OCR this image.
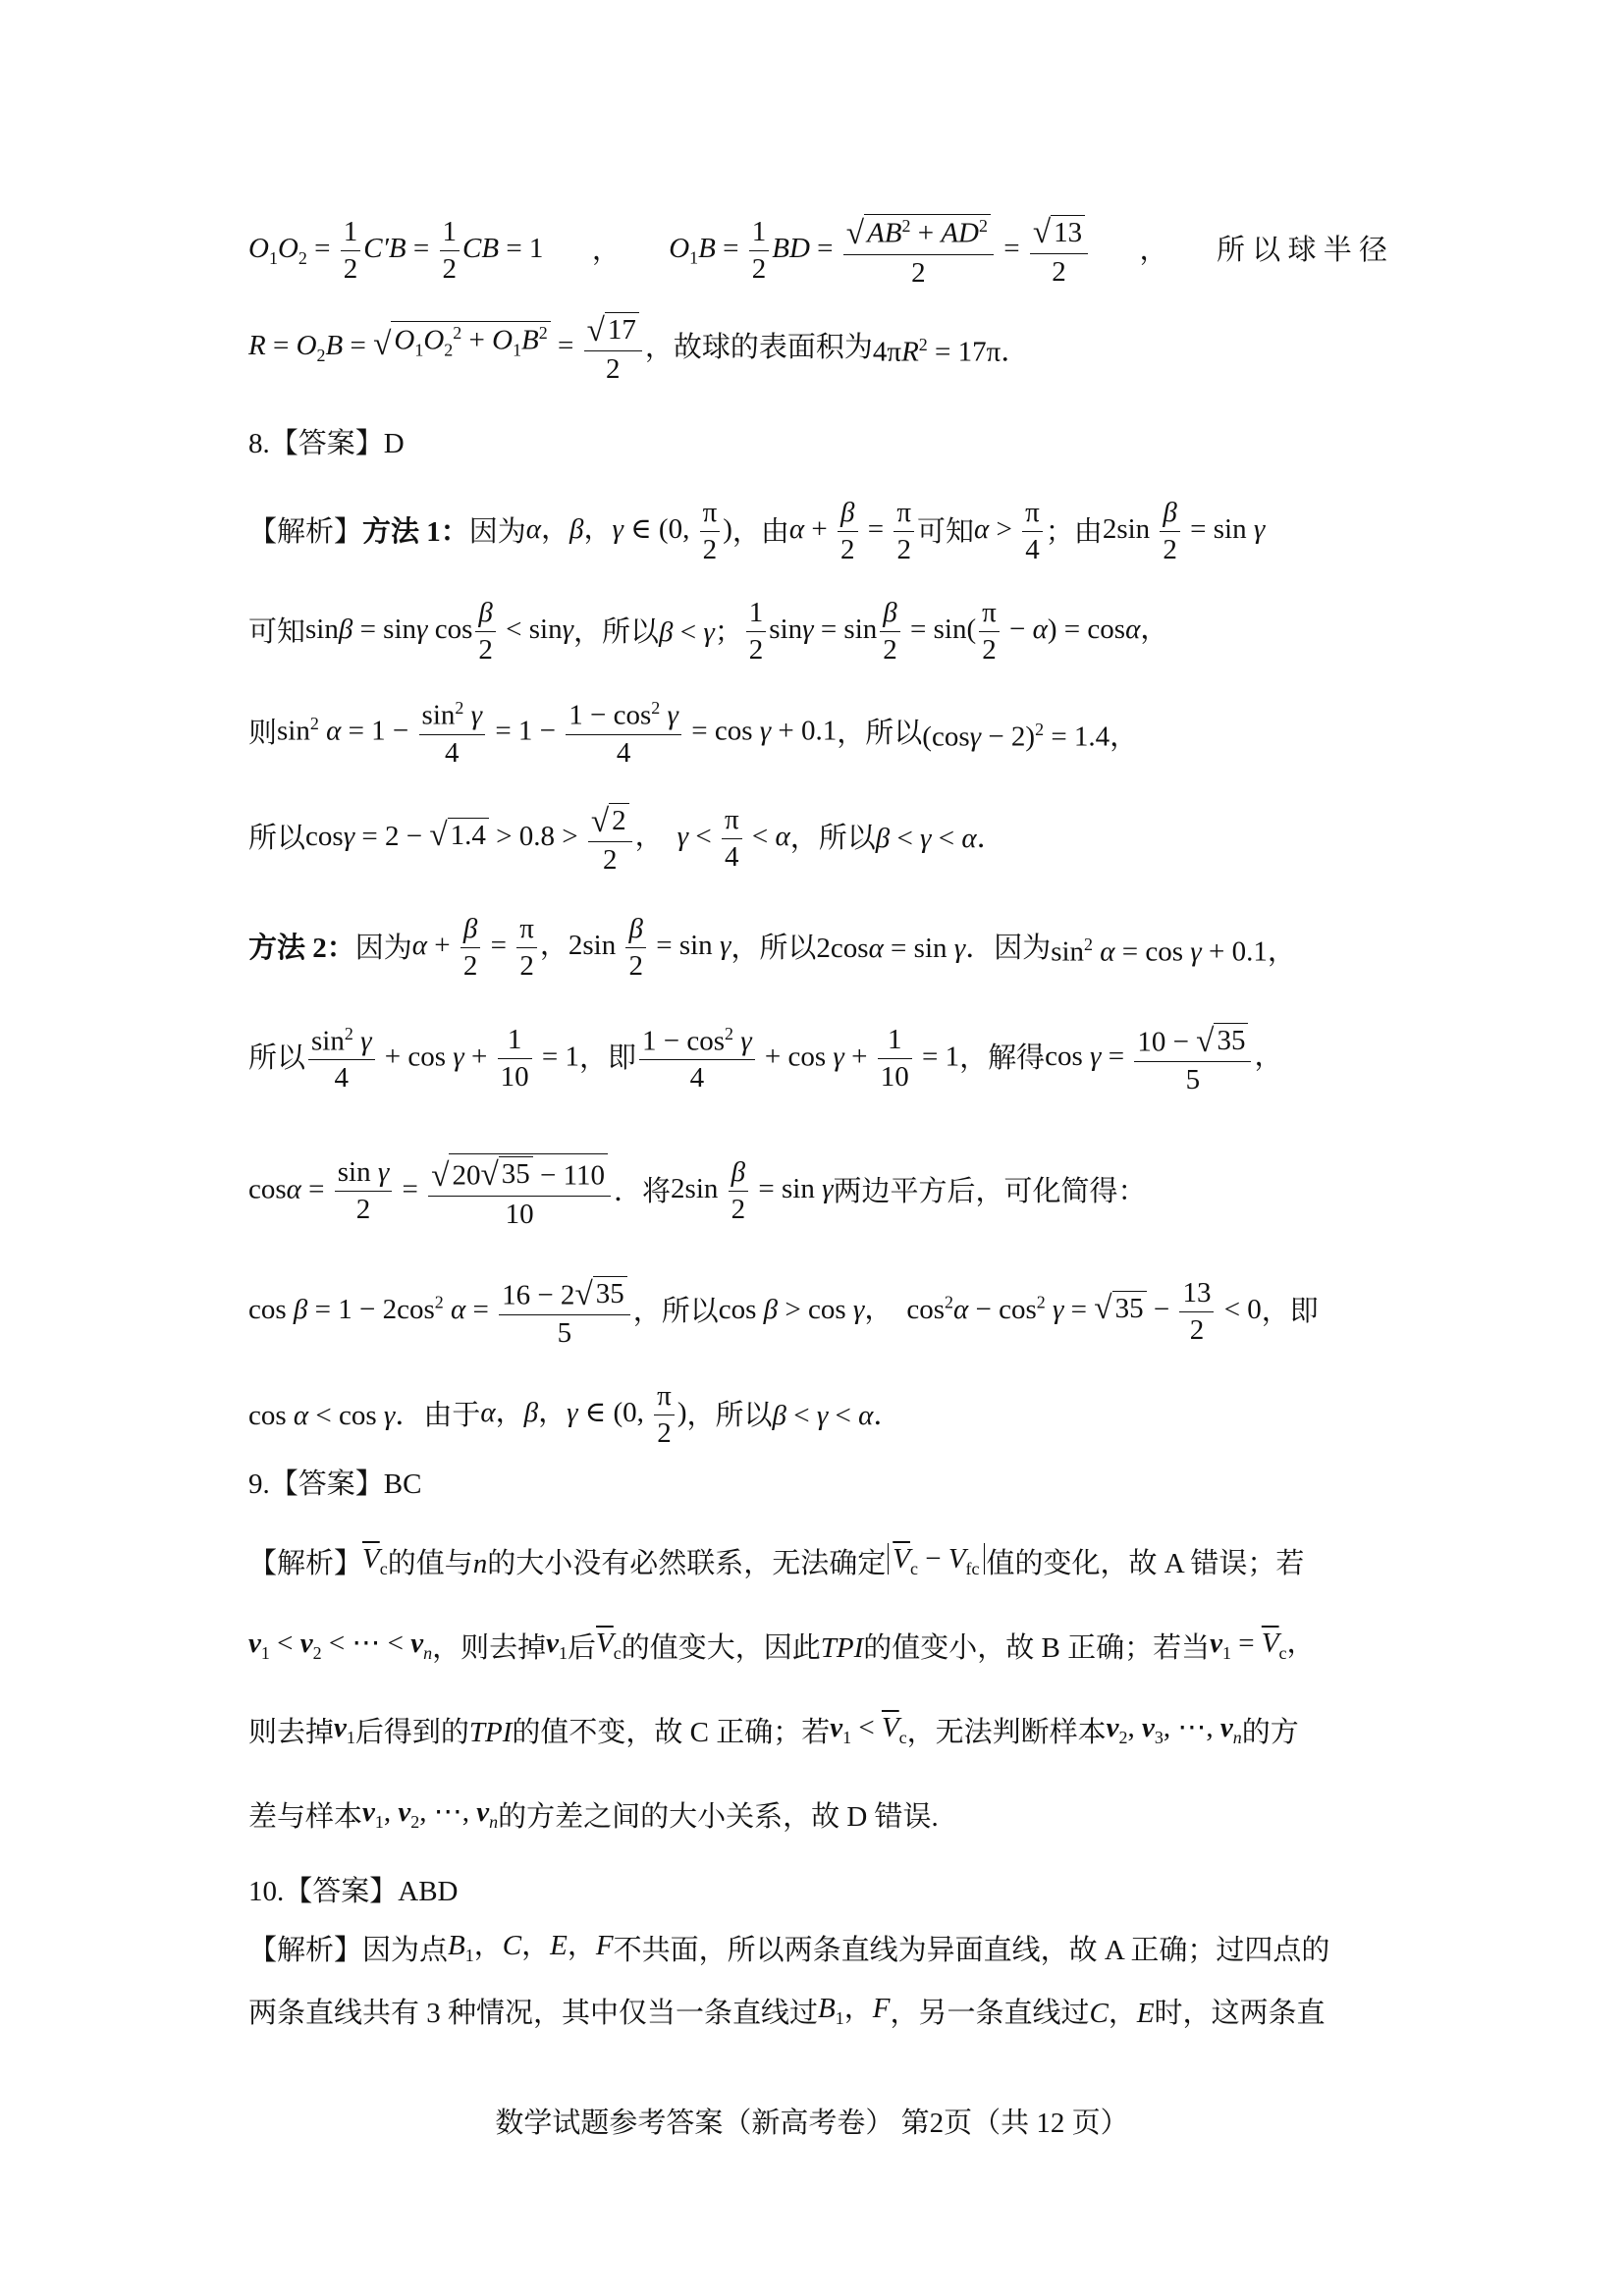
$O_1O_2 = \frac{1}{2} C'B = \frac{1}{2}$ CB = 1 ， $O_1B = \frac{1}{2}$ BD = $\frac{√ AB^2 + AD^2}{2} = \frac{√ 13}{2}$ ， 所 以 球 半 径
$R = O_2B$ = √ $O_1O_2^2 + O_1B^2 = \frac{√ 17}{2}$ ，故球的表面积为 $4\pi R^2 = 17\pi$．
8.【答案】D
【解析】 方法 1： 因为 α，β，γ ∈ (0, $\frac{\pi}{2}$ ) ，由 $\alpha + \frac{\beta}{2} = \frac{\pi}{2}$ 可知 $\alpha > \frac{\pi}{4}$ ；由 $2\sin \frac{\beta}{2} = \sin \gamma$
可知 sinβ = sinγ $\cos \frac{\beta}{2} < \sin\gamma$ ，所以 β < γ； $\frac{1}{2}$ $\sin\gamma = \sin \frac{\beta}{2} = \sin( \frac{\pi}{2} - \alpha) = \cos\alpha$，
则 $\sin^2 \alpha = 1 - \frac{\sin^2 \gamma}{4} = 1 - \frac{1 - \cos^2 \gamma}{4} = \cos \gamma + 0.1$ ，所以 $(\cos\gamma - 2)^2 = 1.4$，
所以 cosγ = 2 − √ $1.4 > 0.8 > \frac{√ 2}{2}$ ， $\gamma < \frac{\pi}{4} < \alpha$ ，所以 β < γ < α．
方法 2： 因为 $\alpha + \frac{\beta}{2} = \frac{\pi}{2}$ ，$2\sin \frac{\beta}{2} = \sin \gamma$ ，所以 2cosα = sin γ ．因为 $\sin^2 \alpha = \cos \gamma + 0.1$，
所以 $\frac{\sin^2 \gamma}{4} + \cos \gamma + \frac{1}{10} = 1$ ，即 $\frac{1 - \cos^2 \gamma}{4} + \cos \gamma + \frac{1}{10} = 1$ ，解得 $\cos \gamma = \frac{10 - √ 35}{5}$ ，
$\cos\alpha = \frac{\text{sin γ}}{2} = \frac{√ 20 √ 35 - 110}{10}$ ．将 $2\sin \frac{\beta}{2} = \sin \gamma$ 两边平方后，可化简得：
$\cos \beta = 1 - 2\cos^2$ $\alpha = \frac{16 - 2 √ 35}{5}$ ，所以 cos β > cos γ， $\cos^2\alpha - \cos^2 \gamma$ = √ $35 - \frac{13}{2} < 0$ ，即
cos α < cos γ ．由于 α，β，γ ∈ (0, $\frac{\pi}{2}$ ) ，所以 β < γ < α．
9.【答案】BC
【解析】 $\overline{V}_c$ 的值与 n 的大小没有必然联系，无法确定 $\overline{V}_c - V_{fc}$ 值的变化，故 A 错误；若
$v_1 < v_2$ < ⋯ < $v_n$ ，则去掉 $v_1$ 后 $\overline{V}_c$ 的值变大，因此 TPI 的值变小，故 B 正确；若当 $v_1 = \overline{V}_c$，
则去掉 $v_1$ 后得到的 TPI 的值不变，故 C 正确；若 $v_1 < \overline{V}_c$ ，无法判断样本 $v_2$, $v_3$, ⋯, $v_n$ 的方
差与样本 $v_1$, $v_2$, ⋯, $v_n$ 的方差之间的大小关系，故 D 错误.
10.【答案】ABD
【解析】 因为点 $B_1$，C，E，F 不共面，所以两条直线为异面直线，故 A 正确；过四点的
两条直线共有 3 种情况，其中仅当一条直线过 $B_1$，F ，另一条直线过 C，E 时，这两条直
数学试题参考答案（新高考卷） 第2页（共 12 页）
